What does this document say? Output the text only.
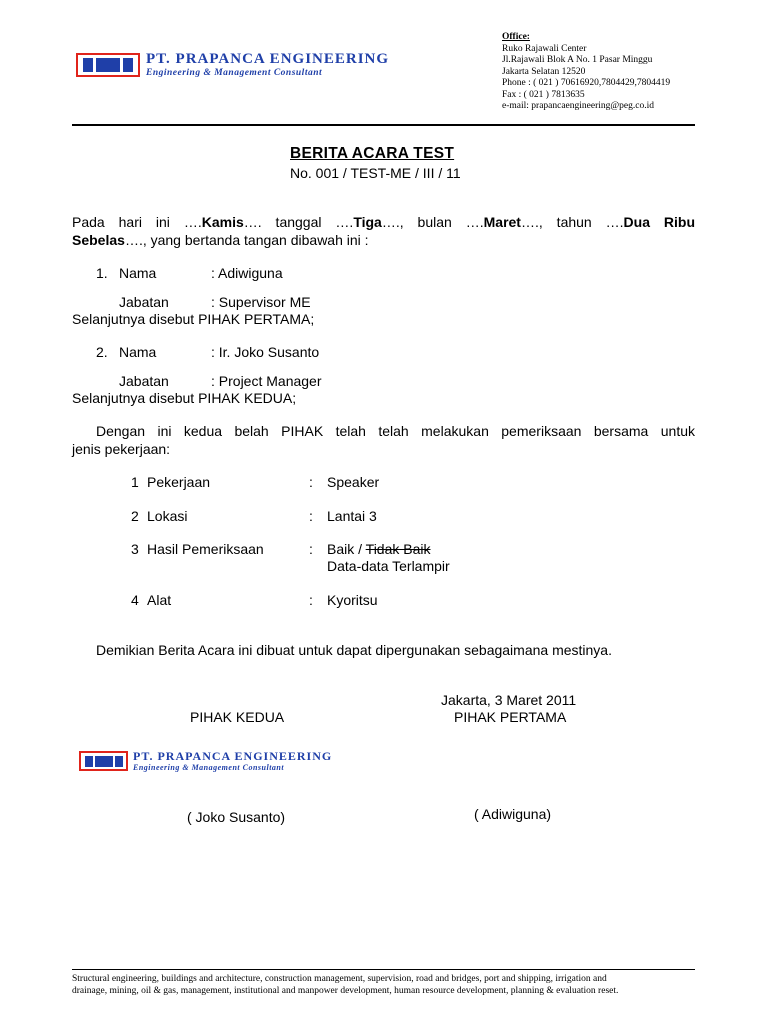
PT. PRAPANCA ENGINEERING
Engineering & Management Consultant
Office:
Ruko Rajawali Center
Jl.Rajawali Blok A No. 1 Pasar Minggu
Jakarta Selatan 12520
Phone : ( 021 ) 70616920,7804429,7804419
Fax : ( 021 ) 7813635
e-mail: prapancaengineering@peg.co.id
BERITA ACARA TEST
No. 001 / TEST-ME / III / 11
Pada hari ini ….Kamis…. tanggal ….Tiga…., bulan ….Maret…., tahun ….Dua Ribu
Sebelas…., yang bertanda tangan dibawah ini :
1. Nama	: Adiwiguna
Jabatan	: Supervisor ME
Selanjutnya disebut PIHAK PERTAMA;
2. Nama	: Ir. Joko Susanto
Jabatan	: Project Manager
Selanjutnya disebut PIHAK KEDUA;
Dengan ini kedua belah PIHAK telah telah melakukan pemeriksaan bersama untuk
jenis pekerjaan:
1 Pekerjaan	: Speaker
2 Lokasi	: Lantai 3
3 Hasil Pemeriksaan	: Baik / Tidak Baik
Data-data Terlampir
4 Alat	: Kyoritsu
Demikian Berita Acara ini dibuat untuk dapat dipergunakan sebagaimana mestinya.
Jakarta, 3 Maret 2011
PIHAK KEDUA	PIHAK PERTAMA
PT. PRAPANCA ENGINEERING
Engineering & Management Consultant
( Joko Susanto)	( Adiwiguna)
Structural engineering, buildings and architecture, construction management, supervision, road and bridges, port and shipping, irrigation and
drainage, mining, oil & gas, management, institutional and manpower development, human resource development, planning & evaluation reset.
